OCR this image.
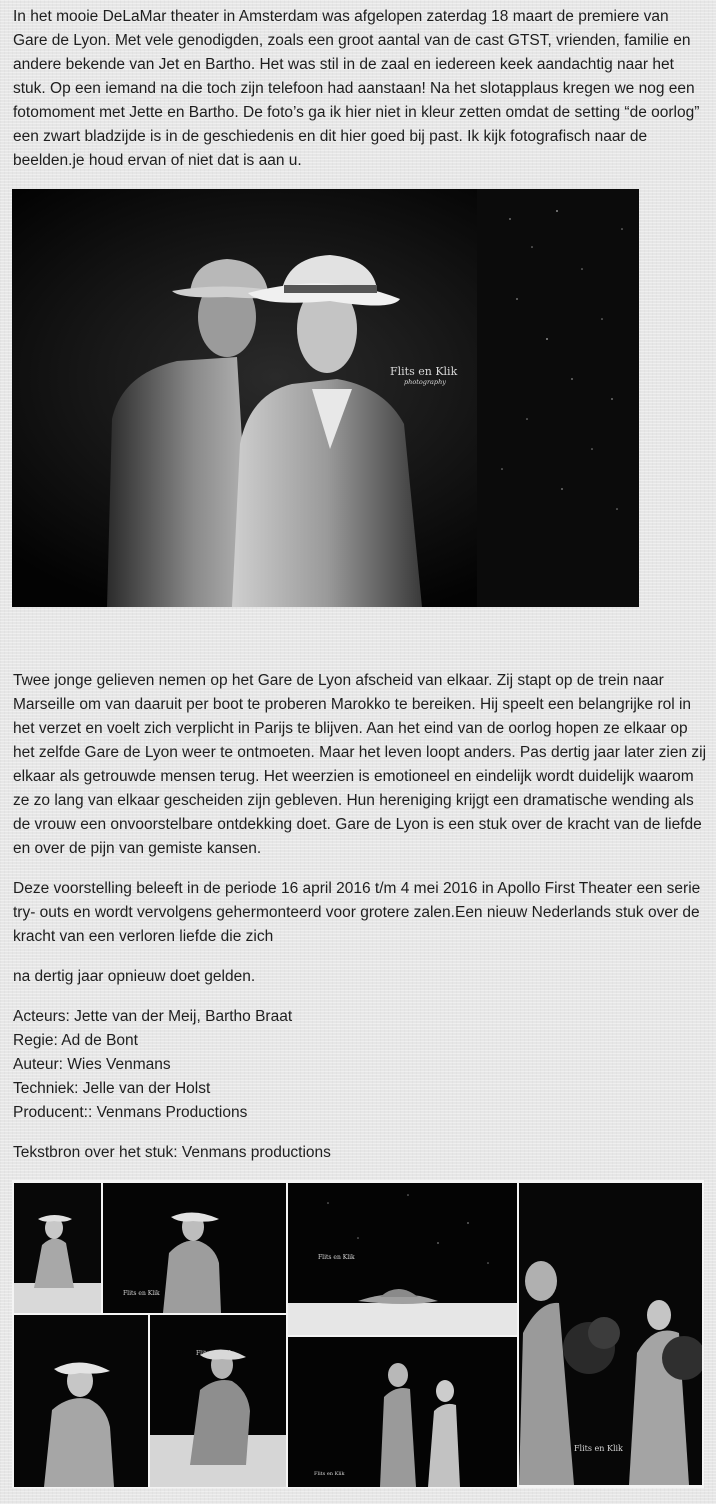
In het mooie DeLaMar theater in Amsterdam was afgelopen zaterdag 18 maart de premiere van Gare de Lyon. Met vele genodigden, zoals een groot aantal van de cast GTST, vrienden, familie en andere bekende van Jet en Bartho. Het was stil in de zaal en iedereen keek aandachtig naar het stuk. Op een iemand na die toch zijn telefoon had aanstaan! Na het slotapplaus kregen we nog een fotomoment met Jette en Bartho. De foto’s ga ik hier niet in kleur zetten omdat de setting “de oorlog” een zwart bladzijde is in de geschiedenis en dit hier goed bij past. Ik kijk fotografisch naar de beelden.je houd ervan of niet dat is aan u.

Flits en Klik
photography

Twee jonge gelieven nemen op het Gare de Lyon afscheid van elkaar. Zij stapt op de trein naar Marseille om van daaruit per boot te proberen Marokko te bereiken. Hij speelt een belangrijke rol in het verzet en voelt zich verplicht in Parijs te blijven. Aan het eind van de oorlog hopen ze elkaar op het zelfde Gare de Lyon weer te ontmoeten. Maar het leven loopt anders. Pas dertig jaar later zien zij elkaar als getrouwde mensen terug. Het weerzien is emotioneel en eindelijk wordt duidelijk waarom ze zo lang van elkaar gescheiden zijn gebleven. Hun hereniging krijgt een dramatische wending als de vrouw een onvoorstelbare ontdekking doet. Gare de Lyon is een stuk over de kracht van de liefde en over de pijn van gemiste kansen.

Deze voorstelling beleeft in de periode 16 april 2016 t/m 4 mei 2016 in Apollo First Theater een serie try- outs en wordt vervolgens gehermonteerd voor grotere zalen.Een nieuw Nederlands stuk over de kracht van een verloren liefde die zich

na dertig jaar opnieuw doet gelden.

Acteurs: Jette van der Meij, Bartho Braat
Regie: Ad de Bont
Auteur: Wies Venmans
Techniek: Jelle van der Holst
Producent:: Venmans Productions

Tekstbron over het stuk: Venmans productions

Flits en Klik
Flits en Klik
Flits en Klik
Flits en Klik
Flits en Klik
